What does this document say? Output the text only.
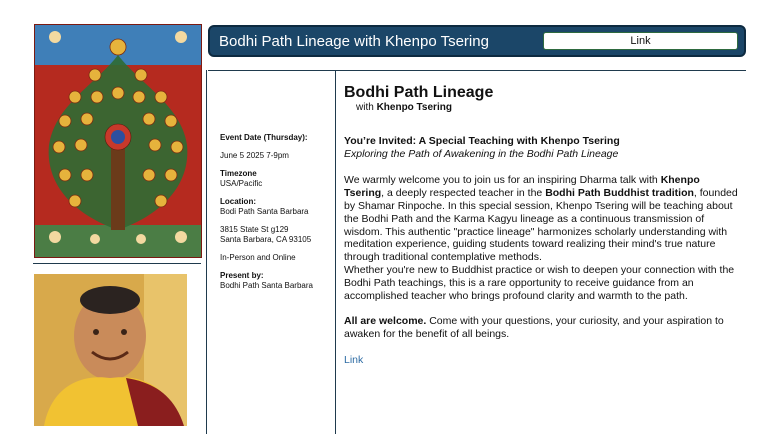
Bodhi Path Lineage with Khenpo Tsering	Link
Event Date (Thursday):
June 5 2025 7-9pm
Timezone
USA/Pacific
Location:
Bodi Path Santa Barbara
3815 State St g129
Santa Barbara, CA 93105
In-Person and Online
Present by:
Bodhi Path Santa Barbara
Bodhi Path Lineage

with Khenpo Tsering

You’re Invited: A Special Teaching with Khenpo Tsering

Exploring the Path of Awakening in the Bodhi Path Lineage

We warmly welcome you to join us for an inspiring Dharma talk with Khenpo Tsering, a deeply respected teacher in the Bodhi Path Buddhist tradition, founded by Shamar Rinpoche. In this special session, Khenpo Tsering will be teaching about the Bodhi Path and the Karma Kagyu lineage as a continuous transmission of wisdom. This authentic "practice lineage" harmonizes scholarly understanding with meditation experience, guiding students toward realizing their mind's true nature through traditional contemplative methods.

Whether you're new to Buddhist practice or wish to deepen your connection with the Bodhi Path teachings, this is a rare opportunity to receive guidance from an accomplished teacher who brings profound clarity and warmth to the path.

All are welcome. Come with your questions, your curiosity, and your aspiration to awaken for the benefit of all beings.

Link
